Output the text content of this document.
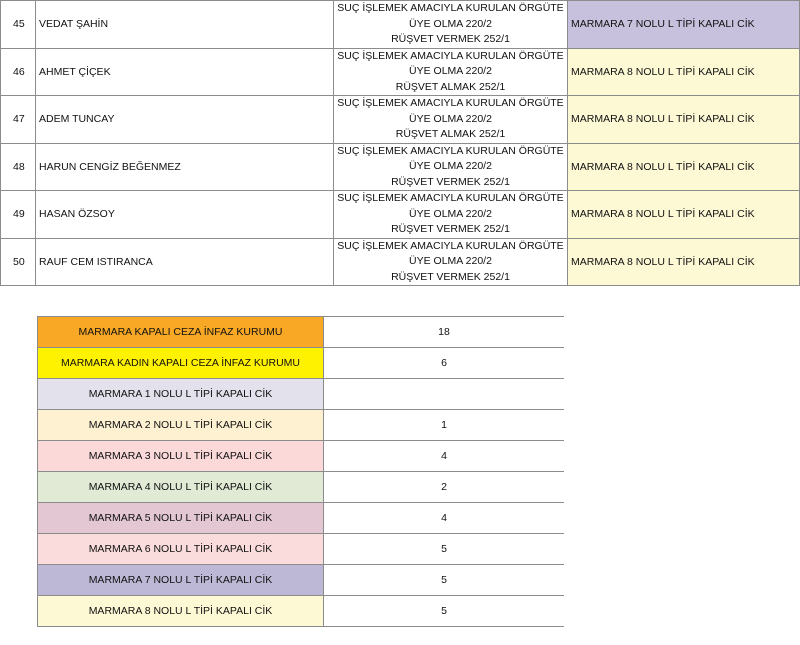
45	VEDAT ŞAHİN	SUÇ İŞLEMEK AMACIYLA KURULAN ÖRGÜTE
ÜYE OLMA 220/2
RÜŞVET VERMEK 252/1	MARMARA 7 NOLU L TİPİ KAPALI CİK
46	AHMET ÇİÇEK	SUÇ İŞLEMEK AMACIYLA KURULAN ÖRGÜTE
ÜYE OLMA 220/2
RÜŞVET ALMAK 252/1	MARMARA 8 NOLU L TİPİ KAPALI CİK
47	ADEM TUNCAY	SUÇ İŞLEMEK AMACIYLA KURULAN ÖRGÜTE
ÜYE OLMA 220/2
RÜŞVET ALMAK 252/1	MARMARA 8 NOLU L TİPİ KAPALI CİK
48	HARUN CENGİZ BEĞENMEZ	SUÇ İŞLEMEK AMACIYLA KURULAN ÖRGÜTE
ÜYE OLMA 220/2
RÜŞVET VERMEK 252/1	MARMARA 8 NOLU L TİPİ KAPALI CİK
49	HASAN ÖZSOY	SUÇ İŞLEMEK AMACIYLA KURULAN ÖRGÜTE
ÜYE OLMA 220/2
RÜŞVET VERMEK 252/1	MARMARA 8 NOLU L TİPİ KAPALI CİK
50	RAUF CEM ISTIRANCA	SUÇ İŞLEMEK AMACIYLA KURULAN ÖRGÜTE
ÜYE OLMA 220/2
RÜŞVET VERMEK 252/1	MARMARA 8 NOLU L TİPİ KAPALI CİK
MARMARA KAPALI CEZA İNFAZ KURUMU	18
MARMARA KADIN KAPALI CEZA İNFAZ KURUMU	6
MARMARA 1 NOLU L TİPİ KAPALI CİK	
MARMARA 2 NOLU L TİPİ KAPALI CİK	1
MARMARA 3 NOLU L TİPİ KAPALI CİK	4
MARMARA 4 NOLU L TİPİ KAPALI CİK	2
MARMARA 5 NOLU L TİPİ KAPALI CİK	4
MARMARA 6 NOLU L TİPİ KAPALI CİK	5
MARMARA 7 NOLU L TİPİ KAPALI CİK	5
MARMARA 8 NOLU L TİPİ KAPALI CİK	5
